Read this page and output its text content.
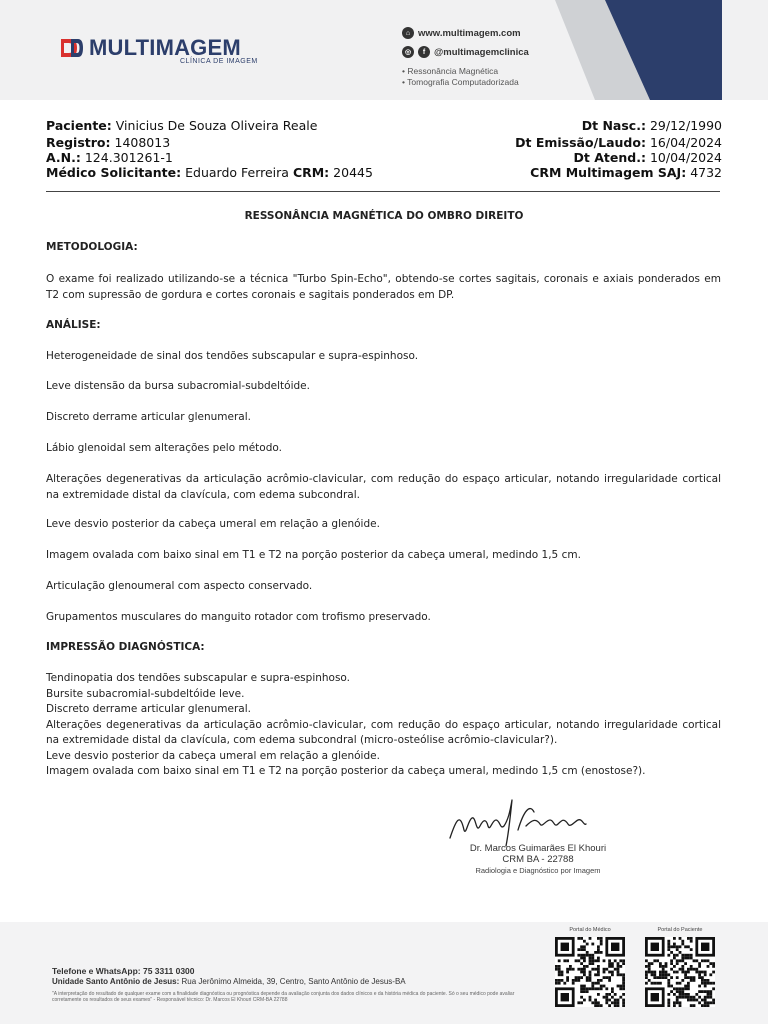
MULTIMAGEM
CLÍNICA DE IMAGEM
⌂ www.multimagem.com
◎	f @multimagemclinica
• Ressonância Magnética
• Tomografia Computadorizada
Paciente: Vinicius De Souza Oliveira Reale
Registro: 1408013
A.N.: 124.301261-1
Médico Solicitante: Eduardo Ferreira CRM: 20445
Dt Nasc.: 29/12/1990
Dt Emissão/Laudo: 16/04/2024
Dt Atend.: 10/04/2024
CRM Multimagem SAJ: 4732
RESSONÂNCIA MAGNÉTICA DO OMBRO DIREITO
METODOLOGIA:
O exame foi realizado utilizando-se a técnica "Turbo Spin-Echo", obtendo-se cortes sagitais, coronais e axiais ponderados em T2 com supressão de gordura e cortes coronais e sagitais ponderados em DP.
ANÁLISE:
Heterogeneidade de sinal dos tendões subscapular e supra-espinhoso.
Leve distensão da bursa subacromial-subdeltóide.
Discreto derrame articular glenumeral.
Lábio glenoidal sem alterações pelo método.
Alterações degenerativas da articulação acrômio-clavicular, com redução do espaço articular, notando irregularidade cortical na extremidade distal da clavícula, com edema subcondral.
Leve desvio posterior da cabeça umeral em relação a glenóide.
Imagem ovalada com baixo sinal em T1 e T2 na porção posterior da cabeça umeral, medindo 1,5 cm.
Articulação glenoumeral com aspecto conservado.
Grupamentos musculares do manguito rotador com trofismo preservado.
IMPRESSÃO DIAGNÓSTICA:
Tendinopatia dos tendões subscapular e supra-espinhoso.
Bursite subacromial-subdeltóide leve.
Discreto derrame articular glenumeral.
Alterações degenerativas da articulação acrômio-clavicular, com redução do espaço articular, notando irregularidade cortical na extremidade distal da clavícula, com edema subcondral (micro-osteólise acrômio-clavicular?).
Leve desvio posterior da cabeça umeral em relação a glenóide.
Imagem ovalada com baixo sinal em T1 e T2 na porção posterior da cabeça umeral, medindo 1,5 cm (enostose?).
Dr. Marcos Guimarães El Khouri
CRM BA - 22788
Radiologia e Diagnóstico por Imagem
Telefone e WhatsApp: 75 3311 0300
Unidade Santo Antônio de Jesus: Rua Jerônimo Almeida, 39, Centro, Santo Antônio de Jesus-BA
"A interpretação do resultado de qualquer exame com a finalidade diagnóstica ou prognóstica depende da avaliação conjunta dos dados clínicos e da história médica do paciente. Só o seu médico pode avaliar corretamente os resultados de seus exames" - Responsável técnico: Dr. Marcos El Khouri CRM-BA 22788
Portal do Médico	Portal do Paciente
